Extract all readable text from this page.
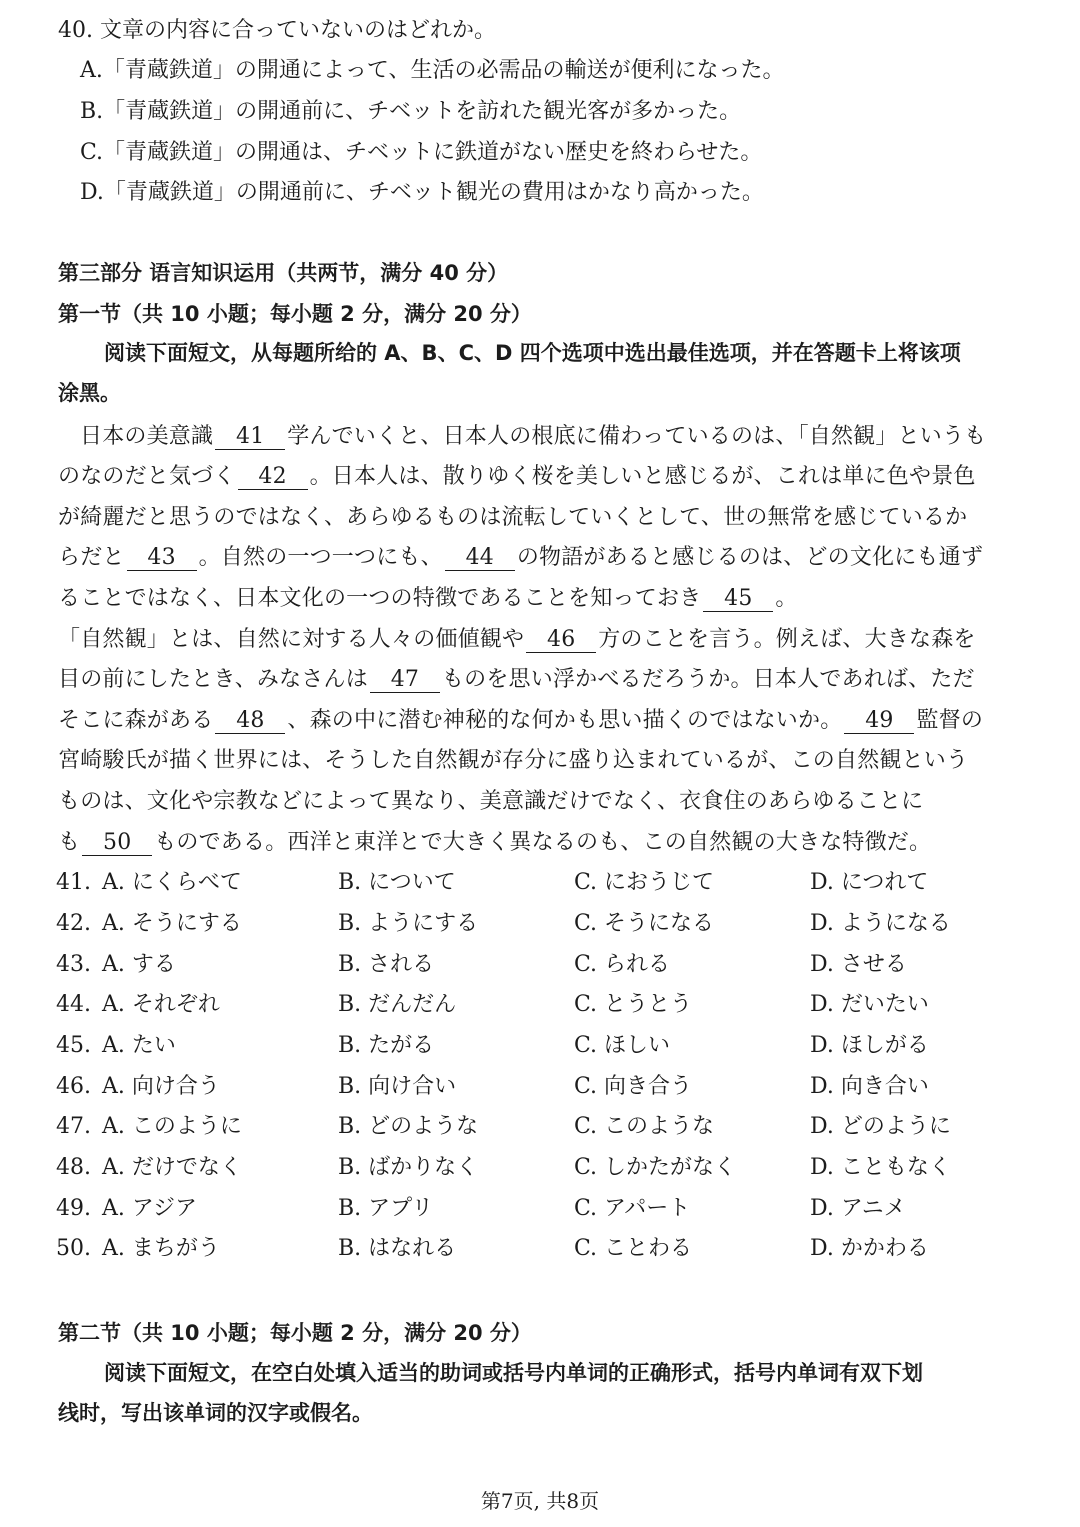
40. 文章の内容に合っていないのはどれか。
A.「青蔵鉄道」の開通によって、生活の必需品の輸送が便利になった。
B.「青蔵鉄道」の開通前に、チベットを訪れた観光客が多かった。
C.「青蔵鉄道」の開通は、チベットに鉄道がない歴史を終わらせた。
D.「青蔵鉄道」の開通前に、チベット観光の費用はかなり高かった。
第三部分 语言知识运用（共两节，满分 40 分）
第一节（共 10 小题；每小题 2 分，满分 20 分）
阅读下面短文，从每题所给的 A、B、C、D 四个选项中选出最佳选项，并在答题卡上将该项
涂黑。
日本の美意識 41 学んでいくと、日本人の根底に備わっているのは、「自然観」というも
のなのだと気づく 42 。日本人は、散りゆく桜を美しいと感じるが、これは単に色や景色
が綺麗だと思うのではなく、あらゆるものは流転していくとして、世の無常を感じているか
らだと 43 。自然の一つ一つにも、 44 の物語があると感じるのは、どの文化にも通ず
ることではなく、日本文化の一つの特徴であることを知っておき 45 。
「自然観」とは、自然に対する人々の価値観や 46 方のことを言う。例えば、大きな森を
目の前にしたとき、みなさんは 47 ものを思い浮かべるだろうか。日本人であれば、ただ
そこに森がある 48 、森の中に潜む神秘的な何かも思い描くのではないか。 49 監督の
宮崎駿氏が描く世界には、そうした自然観が存分に盛り込まれているが、この自然観という
ものは、文化や宗教などによって異なり、美意識だけでなく、衣食住のあらゆることに
も 50 ものである。西洋と東洋とで大きく異なるのも、この自然観の大きな特徴だ。
41. A. にくらべて	B. について	C. におうじて	D. につれて
42. A. そうにする	B. ようにする	C. そうになる	D. ようになる
43. A. する	B. される	C. られる	D. させる
44. A. それぞれ	B. だんだん	C. とうとう	D. だいたい
45. A. たい	B. たがる	C. ほしい	D. ほしがる
46. A. 向け合う	B. 向け合い	C. 向き合う	D. 向き合い
47. A. このように	B. どのような	C. このような	D. どのように
48. A. だけでなく	B. ばかりなく	C. しかたがなく	D. こともなく
49. A. アジア	B. アプリ	C. アパート	D. アニメ
50. A. まちがう	B. はなれる	C. ことわる	D. かかわる
第二节（共 10 小题；每小题 2 分，满分 20 分）
阅读下面短文，在空白处填入适当的助词或括号内单词的正确形式，括号内单词有双下划
线时，写出该单词的汉字或假名。
第7页, 共8页
